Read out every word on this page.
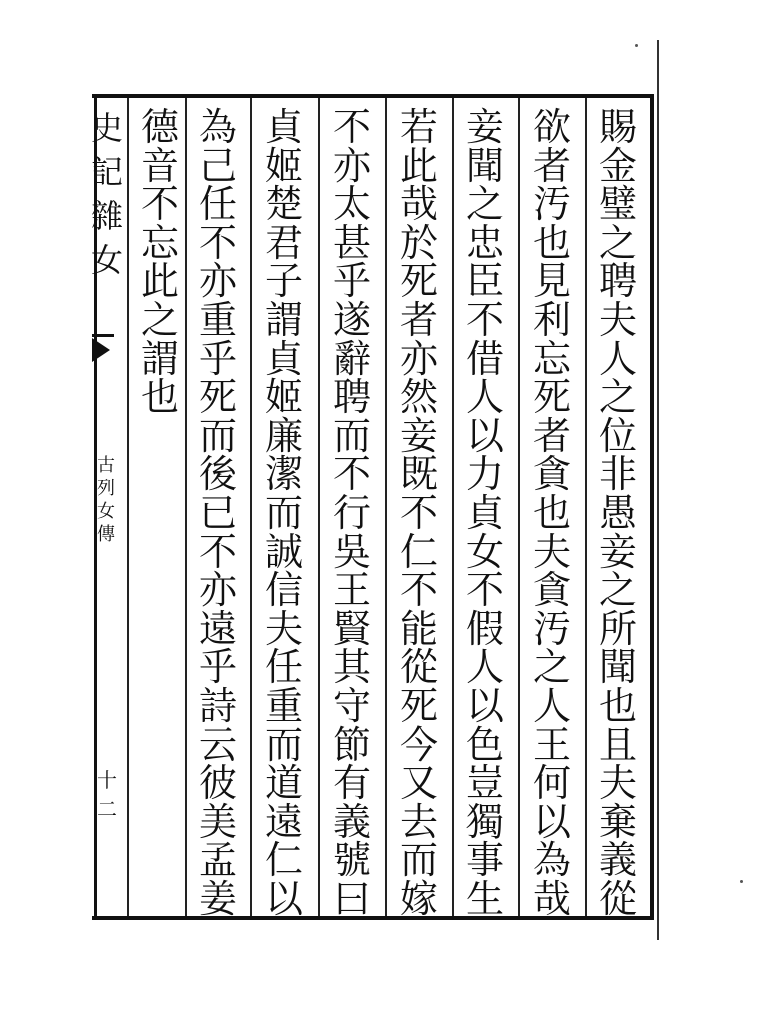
史
記
雜
女
古
列
女
傳
十二
賜
金
璧
之
聘
夫
人
之
位
非
愚
妾
之
所
聞
也
且
夫
棄
義
從
欲
者
汚
也
見
利
忘
死
者
貪
也
夫
貪
汚
之
人
王
何
以
為
哉
妾
聞
之
忠
臣
不
借
人
以
力
貞
女
不
假
人
以
色
豈
獨
事
生
若
此
哉
於
死
者
亦
然
妾
既
不
仁
不
能
從
死
今
又
去
而
嫁
不
亦
太
甚
乎
遂
辭
聘
而
不
行
吳
王
賢
其
守
節
有
義
號
曰
貞
姬
楚
君
子
謂
貞
姬
廉
潔
而
誠
信
夫
任
重
而
道
遠
仁
以
為
己
任
不
亦
重
乎
死
而
後
已
不
亦
遠
乎
詩
云
彼
美
孟
姜
德
音
不
忘
此
之
謂
也
